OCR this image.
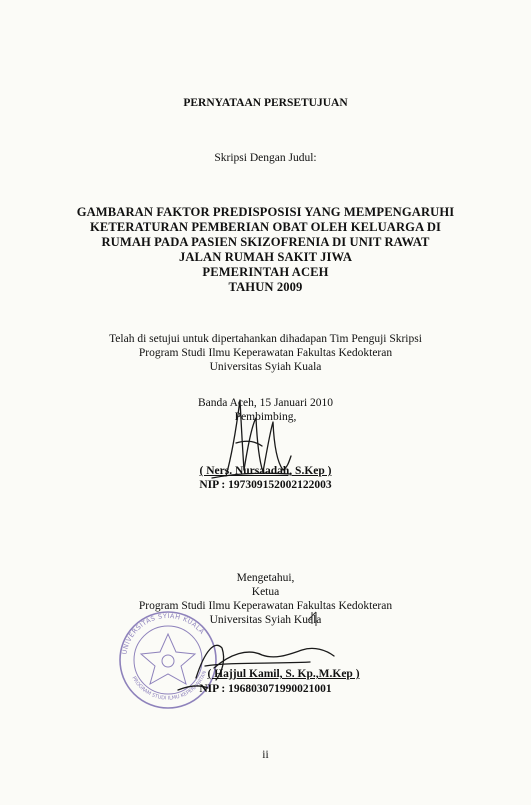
PERNYATAAN PERSETUJUAN
Skripsi Dengan Judul:
GAMBARAN FAKTOR PREDISPOSISI YANG MEMPENGARUHI
KETERATURAN PEMBERIAN OBAT OLEH KELUARGA DI
RUMAH PADA PASIEN SKIZOFRENIA DI UNIT RAWAT
JALAN RUMAH SAKIT JIWA
PEMERINTAH ACEH
TAHUN 2009
Telah di setujui untuk dipertahankan dihadapan Tim Penguji Skripsi
Program Studi Ilmu Keperawatan Fakultas Kedokteran
Universitas Syiah Kuala
Banda Aceh, 15 Januari 2010
Pembimbing,
( Ners. Nursaadah, S.Kep )
NIP : 197309152002122003
Mengetahui,
Ketua
Program Studi Ilmu Keperawatan Fakultas Kedokteran
Universitas Syiah Kuala
UNIVERSITAS SYIAH KUALA
PROGRAM STUDI ILMU KEPERAWATAN ( Hajjul Kamil, S. Kp.,M.Kep )
NIP : 196803071990021001
ii
